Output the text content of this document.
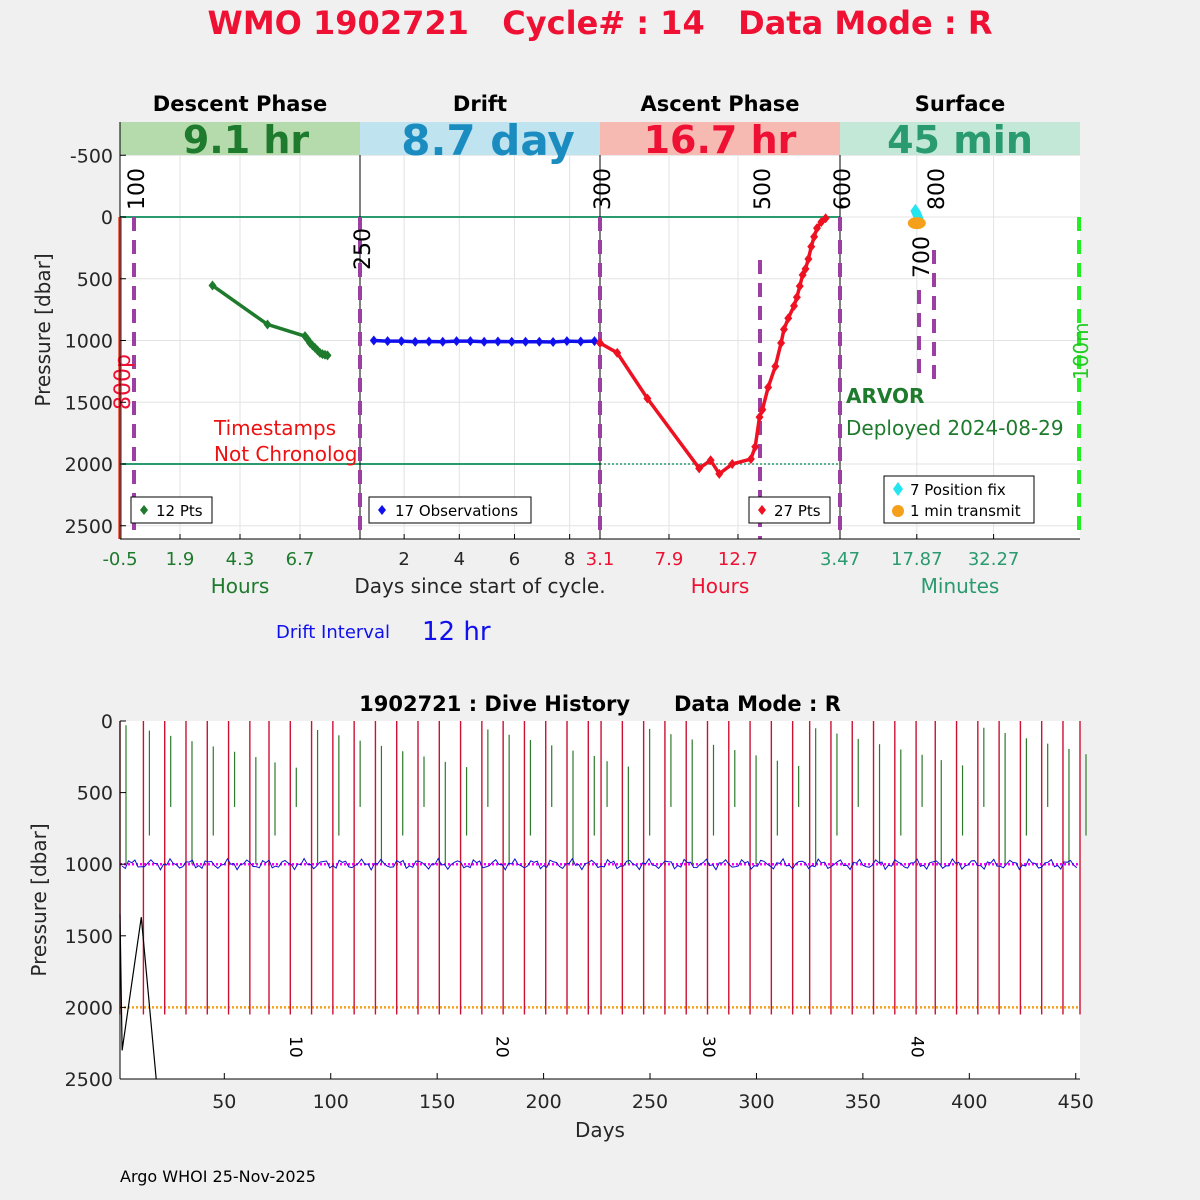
WMO 1902721   Cycle# : 14   Data Mode : R
9.1 hr 8.7 day 16.7 hr 45 min
Descent Phase	Drift	Ascent Phase	Surface
100
250
300	500	600
700
800
800p
100m
Timestamps
Not Chronolog
ARVOR
Deployed 2024-08-29
12 Pts	17 Observations	27 Pts
7 Position fix
1 min transmit
-500
0
500
1000
1500
2000
2500
Pressure [dbar]
-0.5 1.9 4.3 6.7	2 4 6 8 3.1 7.9 12.7	3.47 17.87 32.27
Hours	Days since start of cycle.	Hours	Minutes
Drift Interval 12 hr
1902721 : Dive History      Data Mode : R
10	20	30	40
0
500
1000
1500
2000
2500
50	100	150	200	250	300	350	400	450
Pressure [dbar]
Days
Argo WHOI 25-Nov-2025
